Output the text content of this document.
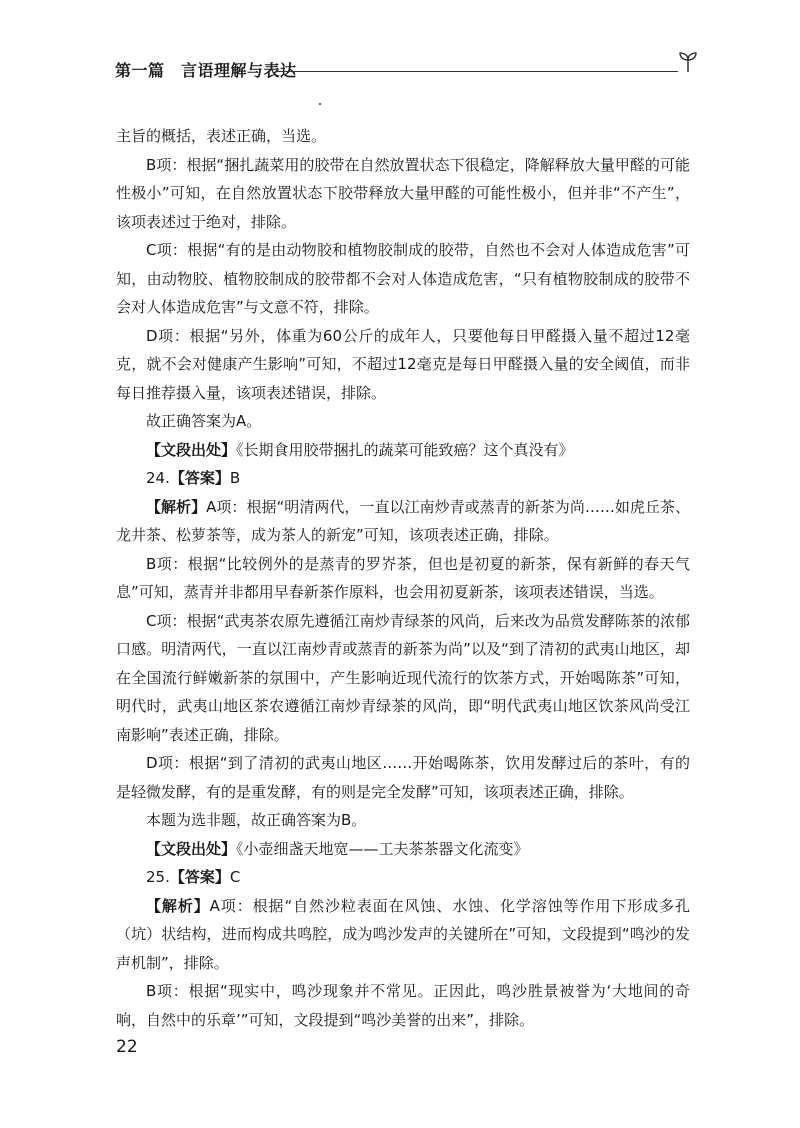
第一篇　言语理解与表达

主旨的概括，表述正确，当选。

B项：根据“捆扎蔬菜用的胶带在自然放置状态下很稳定，降解释放大量甲醛的可能性极小”可知，在自然放置状态下胶带释放大量甲醛的可能性极小，但并非“不产生”，该项表述过于绝对，排除。

C项：根据“有的是由动物胶和植物胶制成的胶带，自然也不会对人体造成危害”可知，由动物胶、植物胶制成的胶带都不会对人体造成危害，“只有植物胶制成的胶带不会对人体造成危害”与文意不符，排除。

D项：根据“另外，体重为60公斤的成年人，只要他每日甲醛摄入量不超过12毫克，就不会对健康产生影响”可知，不超过12毫克是每日甲醛摄入量的安全阈值，而非每日推荐摄入量，该项表述错误，排除。

故正确答案为A。

【文段出处】《长期食用胶带捆扎的蔬菜可能致癌？这个真没有》

24.【答案】B

【解析】A项：根据“明清两代，一直以江南炒青或蒸青的新茶为尚……如虎丘茶、龙井茶、松萝茶等，成为茶人的新宠”可知，该项表述正确，排除。

B项：根据“比较例外的是蒸青的罗岕茶，但也是初夏的新茶，保有新鲜的春天气息”可知，蒸青并非都用早春新茶作原料，也会用初夏新茶，该项表述错误，当选。

C项：根据“武夷茶农原先遵循江南炒青绿茶的风尚，后来改为品赏发酵陈茶的浓郁口感。明清两代，一直以江南炒青或蒸青的新茶为尚”以及“到了清初的武夷山地区，却在全国流行鲜嫩新茶的氛围中，产生影响近现代流行的饮茶方式，开始喝陈茶”可知，明代时，武夷山地区茶农遵循江南炒青绿茶的风尚，即“明代武夷山地区饮茶风尚受江南影响”表述正确，排除。

D项：根据“到了清初的武夷山地区……开始喝陈茶，饮用发酵过后的茶叶，有的是轻微发酵，有的是重发酵，有的则是完全发酵”可知，该项表述正确，排除。

本题为选非题，故正确答案为B。

【文段出处】《小壶细盏天地宽——工夫茶茶器文化流变》

25.【答案】C

【解析】A项：根据“自然沙粒表面在风蚀、水蚀、化学溶蚀等作用下形成多孔（坑）状结构，进而构成共鸣腔，成为鸣沙发声的关键所在”可知，文段提到“鸣沙的发声机制”，排除。

B项：根据“现实中，鸣沙现象并不常见。正因此，鸣沙胜景被誉为‘大地间的奇响，自然中的乐章’”可知，文段提到“鸣沙美誉的出来”，排除。

22
